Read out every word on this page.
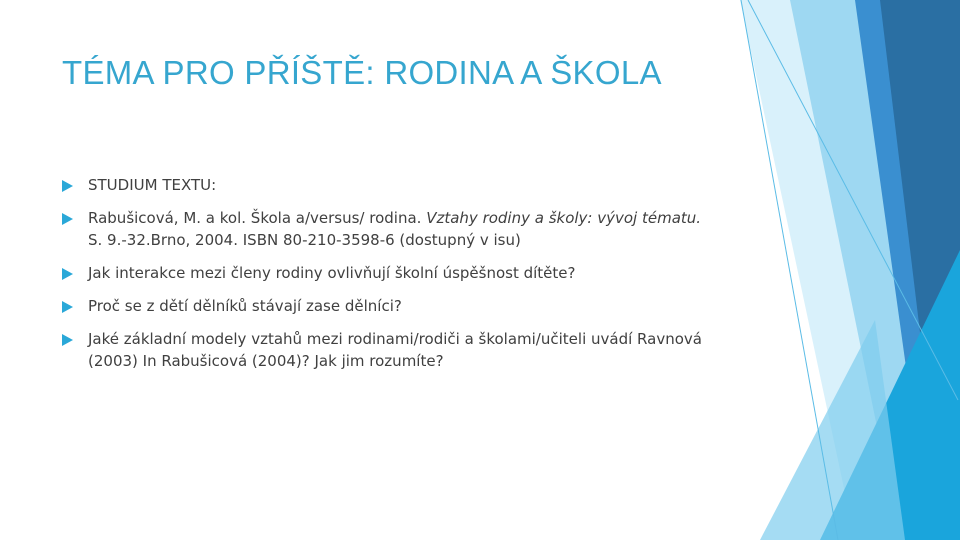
TÉMA PRO PŘÍŠTĚ: RODINA A ŠKOLA
STUDIUM TEXTU:
Rabušicová, M. a kol. Škola a/versus/ rodina. Vztahy rodiny a školy: vývoj tématu. S. 9.-32.Brno, 2004. ISBN 80-210-3598-6 (dostupný v isu)
Jak interakce mezi členy rodiny ovlivňují školní úspěšnost dítěte?
Proč se z dětí dělníků stávají zase dělníci?
Jaké základní modely vztahů mezi rodinami/rodiči a školami/učiteli uvádí Ravnová (2003) In Rabušicová (2004)? Jak jim rozumíte?
